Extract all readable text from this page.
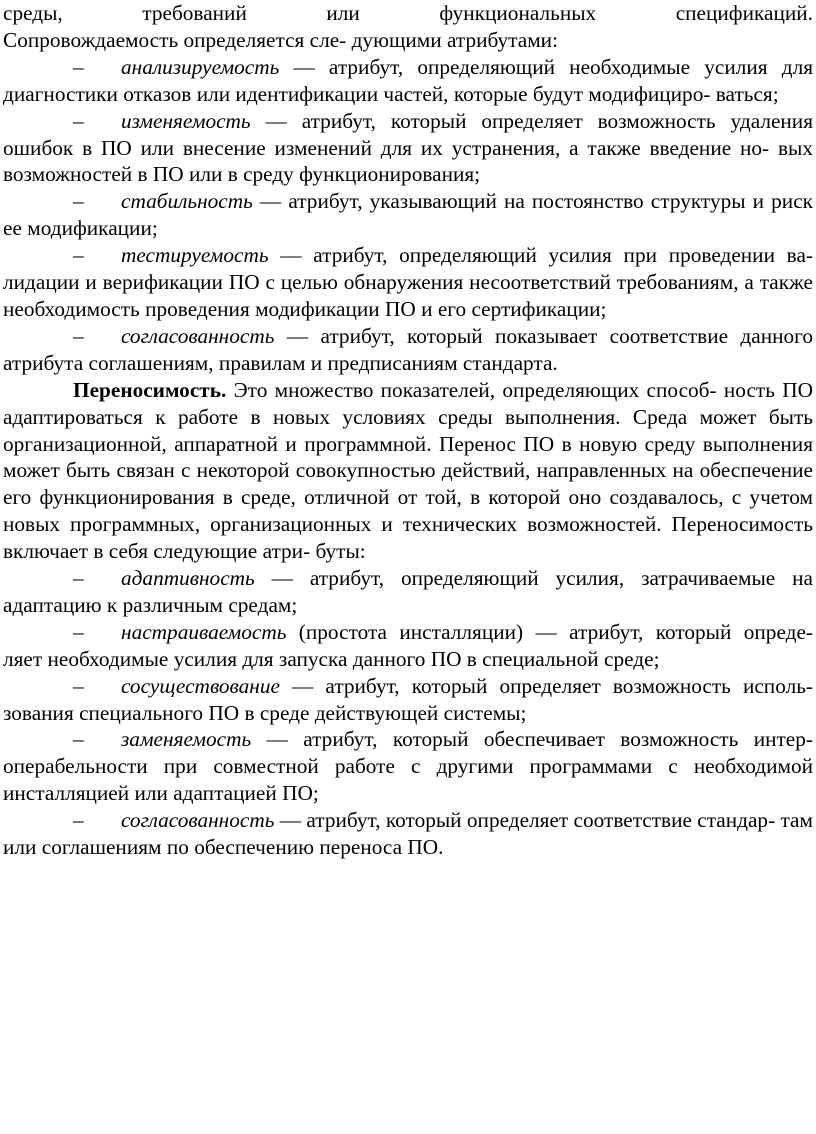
среды, требований или функциональных спецификаций.

Сопровождаемость определяется сле- дующими атрибутами:

– анализируемость — атрибут, определяющий необходимые усилия для диагностики отказов или идентификации частей, которые будут модифициро- ваться;

– изменяемость — атрибут, который определяет возможность удаления ошибок в ПО или внесение изменений для их устранения, а также введение но- вых возможностей в ПО или в среду функционирования;

– стабильность — атрибут, указывающий на постоянство структуры и риск ее модификации;

– тестируемость — атрибут, определяющий усилия при проведении ва- лидации и верификации ПО с целью обнаружения несоответствий требованиям, а также необходимость проведения модификации ПО и его сертификации;

– согласованность — атрибут, который показывает соответствие данного атрибута соглашениям, правилам и предписаниям стандарта.

Переносимость. Это множество показателей, определяющих способ- ность ПО адаптироваться к работе в новых условиях среды выполнения. Среда может быть организационной, аппаратной и программной. Перенос ПО в новую среду выполнения может быть связан с некоторой совокупностью действий, направленных на обеспечение его функционирования в среде, отличной от той, в которой оно создавалось, с учетом новых программных, организационных и технических возможностей. Переносимость включает в себя следующие атри- буты:

– адаптивность — атрибут, определяющий усилия, затрачиваемые на адаптацию к различным средам;

– настраиваемость (простота инсталляции) — атрибут, который опреде- ляет необходимые усилия для запуска данного ПО в специальной среде;

– сосуществование — атрибут, который определяет возможность исполь- зования специального ПО в среде действующей системы;

– заменяемость — атрибут, который обеспечивает возможность интер- операбельности при совместной работе с другими программами с необходимой инсталляцией или адаптацией ПО;

– согласованность — атрибут, который определяет соответствие стандар- там или соглашениям по обеспечению переноса ПО.
